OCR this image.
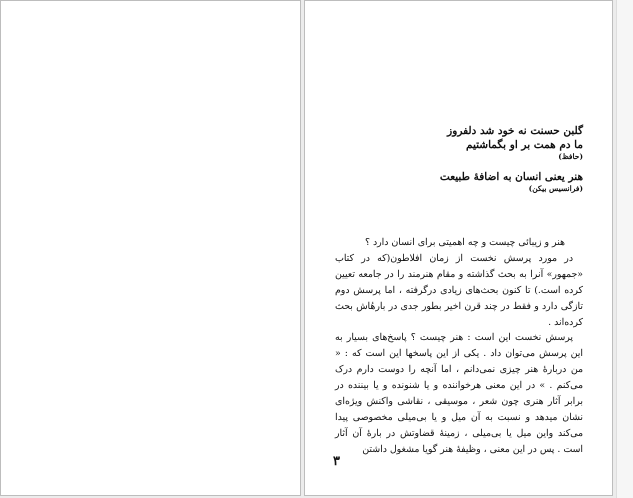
گلبن حسنت نه خود شد دلفروز
ما دم همت بر او بگماشتیم
(حافظ)
هنر یعنی انسان به اضافهٔ طبیعت
(فرانسیس بیکن)

هنر و زیبائی چیست و چه اهمیتی برای انسان دارد ؟

در مورد پرسش نخست از زمان افلاطون(که در کتاب «جمهور» آنرا به بحث گذاشته و مقام هنرمند را در جامعه تعیین کرده است.) تا کنون بحث‌های زیادی درگرفته ، اما پرسش دوم تازگی دارد و فقط در چند قرن اخیر بطور جدی در بارهٔاش بحث کرده‌اند .

پرسش نخست این است : هنر چیست ؟ پاسخ‌های بسیار به این پرسش می‌توان داد . یکی از این پاسخها این است که : « من دربارهٔ هنر چیزی نمی‌دانم ، اما آنچه را دوست دارم درک می‌کنم . » در این معنی هرخواننده و یا شنونده و یا بیننده در برابر آثار هنری چون شعر ، موسیقی ، نقاشی واکنش ویژه‌ای نشان میدهد و نسبت به آن میل و یا بی‌میلی مخصوصی پیدا می‌کند واین میل یا بی‌میلی ، زمینهٔ قضاوتش در بارهٔ آن آثار است . پس در این معنی ، وظیفهٔ هنر گویا مشغول داشتن

۳
